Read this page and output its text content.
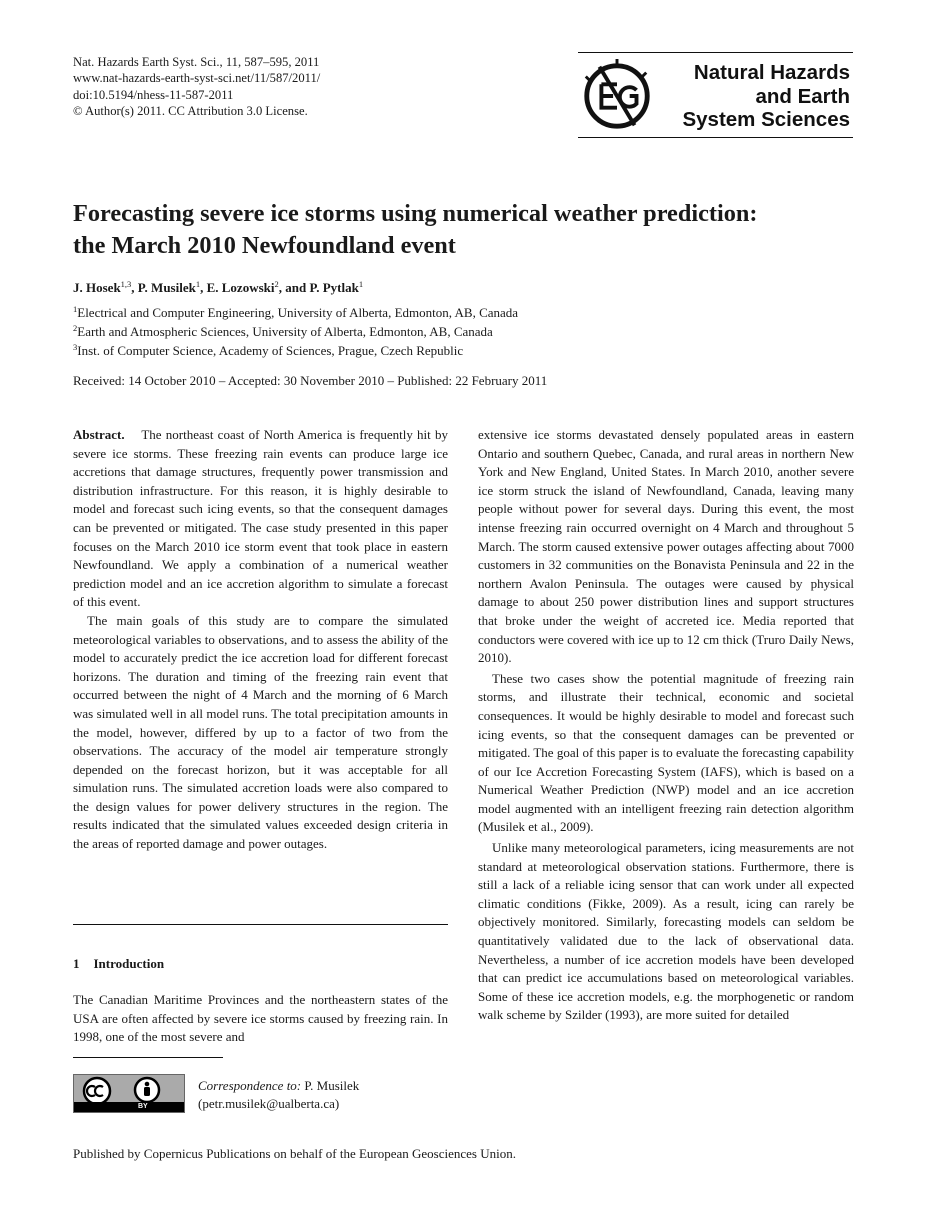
Nat. Hazards Earth Syst. Sci., 11, 587–595, 2011
www.nat-hazards-earth-syst-sci.net/11/587/2011/
doi:10.5194/nhess-11-587-2011
© Author(s) 2011. CC Attribution 3.0 License.
Natural Hazards
and Earth
System Sciences
Forecasting severe ice storms using numerical weather prediction:
the March 2010 Newfoundland event
J. Hosek$^{1,3}$, P. Musilek$^1$, E. Lozowski$^2$, and P. Pytlak$^1$
$^1$Electrical and Computer Engineering, University of Alberta, Edmonton, AB, Canada
$^2$Earth and Atmospheric Sciences, University of Alberta, Edmonton, AB, Canada
$^3$Inst. of Computer Science, Academy of Sciences, Prague, Czech Republic
Received: 14 October 2010 – Accepted: 30 November 2010 – Published: 22 February 2011

Abstract. The northeast coast of North America is frequently hit by severe ice storms. These freezing rain events can produce large ice accretions that damage structures, frequently power transmission and distribution infrastructure. For this reason, it is highly desirable to model and forecast such icing events, so that the consequent damages can be prevented or mitigated. The case study presented in this paper focuses on the March 2010 ice storm event that took place in eastern Newfoundland. We apply a combination of a numerical weather prediction model and an ice accretion algorithm to simulate a forecast of this event.

The main goals of this study are to compare the simulated meteorological variables to observations, and to assess the ability of the model to accurately predict the ice accretion load for different forecast horizons. The duration and timing of the freezing rain event that occurred between the night of 4 March and the morning of 6 March was simulated well in all model runs. The total precipitation amounts in the model, however, differed by up to a factor of two from the observations. The accuracy of the model air temperature strongly depended on the forecast horizon, but it was acceptable for all simulation runs. The simulated accretion loads were also compared to the design values for power delivery structures in the region. The results indicated that the simulated values exceeded design criteria in the areas of reported damage and power outages.

1 Introduction

The Canadian Maritime Provinces and the northeastern states of the USA are often affected by severe ice storms caused by freezing rain. In 1998, one of the most severe and

BY
Correspondence to: P. Musilek
(petr.musilek@ualberta.ca)

extensive ice storms devastated densely populated areas in eastern Ontario and southern Quebec, Canada, and rural areas in northern New York and New England, United States. In March 2010, another severe ice storm struck the island of Newfoundland, Canada, leaving many people without power for several days. During this event, the most intense freezing rain occurred overnight on 4 March and throughout 5 March. The storm caused extensive power outages affecting about 7000 customers in 32 communities on the Bonavista Peninsula and 22 in the northern Avalon Peninsula. The outages were caused by physical damage to about 250 power distribution lines and support structures that broke under the weight of accreted ice. Media reported that conductors were covered with ice up to 12 cm thick (Truro Daily News, 2010).

These two cases show the potential magnitude of freezing rain storms, and illustrate their technical, economic and societal consequences. It would be highly desirable to model and forecast such icing events, so that the consequent damages can be prevented or mitigated. The goal of this paper is to evaluate the forecasting capability of our Ice Accretion Forecasting System (IAFS), which is based on a Numerical Weather Prediction (NWP) model and an ice accretion model augmented with an intelligent freezing rain detection algorithm (Musilek et al., 2009).

Unlike many meteorological parameters, icing measurements are not standard at meteorological observation stations. Furthermore, there is still a lack of a reliable icing sensor that can work under all expected climatic conditions (Fikke, 2009). As a result, icing can rarely be objectively monitored. Similarly, forecasting models can seldom be quantitatively validated due to the lack of observational data. Nevertheless, a number of ice accretion models have been developed that can predict ice accumulations based on meteorological variables. Some of these ice accretion models, e.g. the morphogenetic or random walk scheme by Szilder (1993), are more suited for detailed

Published by Copernicus Publications on behalf of the European Geosciences Union.
